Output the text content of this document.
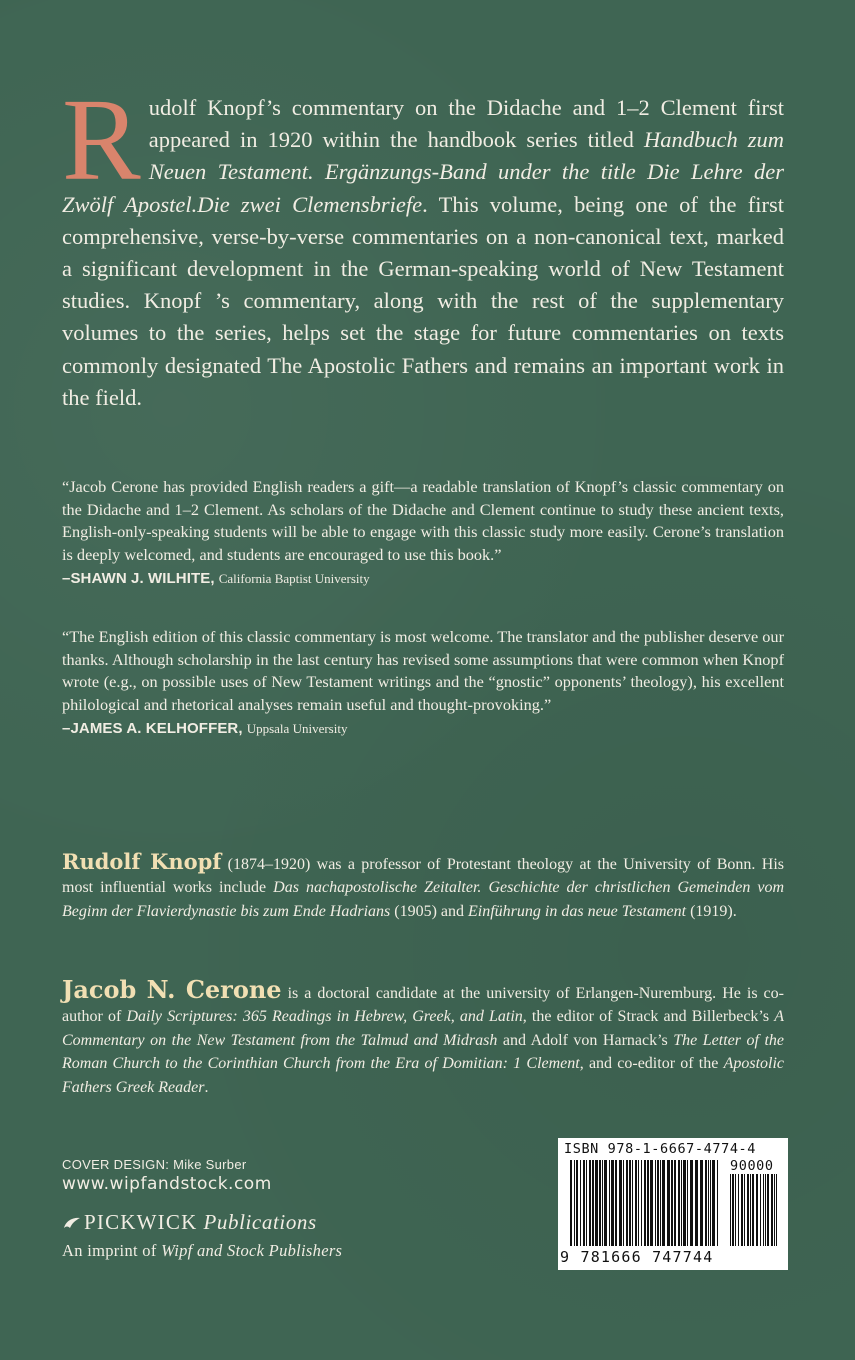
Rudolf Knopf’s commentary on the Didache and 1–2 Clement first appeared in 1920 within the handbook series titled Handbuch zum Neuen Testament. Ergänzungs-Band under the title Die Lehre der Zwölf Apostel.Die zwei Clemensbriefe. This volume, being one of the first comprehensive, verse-by-verse commentaries on a non-canonical text, marked a significant development in the German-speaking world of New Testament studies. Knopf ’s commentary, along with the rest of the supplementary volumes to the series, helps set the stage for future commentaries on texts commonly designated The Apostolic Fathers and remains an important work in the field.
“Jacob Cerone has provided English readers a gift—a readable translation of Knopf’s classic commentary on the Didache and 1–2 Clement. As scholars of the Didache and Clement continue to study these ancient texts, English-only-speaking students will be able to engage with this classic study more easily. Cerone’s translation is deeply welcomed, and students are encouraged to use this book.”
–SHAWN J. WILHITE, California Baptist University
“The English edition of this classic commentary is most welcome. The translator and the publisher deserve our thanks. Although scholarship in the last century has revised some assumptions that were common when Knopf wrote (e.g., on possible uses of New Testament writings and the “gnostic” opponents’ theology), his excellent philological and rhetorical analyses remain useful and thought-provoking.”
–JAMES A. KELHOFFER, Uppsala University
Rudolf Knopf (1874–1920) was a professor of Protestant theology at the University of Bonn. His most influential works include Das nachapostolische Zeitalter. Geschichte der christlichen Gemeinden vom Beginn der Flavierdynastie bis zum Ende Hadrians (1905) and Einführung in das neue Testament (1919).
Jacob N. Cerone is a doctoral candidate at the university of Erlangen-Nuremburg. He is co-author of Daily Scriptures: 365 Readings in Hebrew, Greek, and Latin, the editor of Strack and Billerbeck’s A Commentary on the New Testament from the Talmud and Midrash and Adolf von Harnack’s The Letter of the Roman Church to the Corinthian Church from the Era of Domitian: 1 Clement, and co-editor of the Apostolic Fathers Greek Reader.
COVER DESIGN: Mike Surber
www.wipfandstock.com
PICKWICK Publications
An imprint of Wipf and Stock Publishers
ISBN 978-1-6667-4774-4
90000
9 781666 747744
